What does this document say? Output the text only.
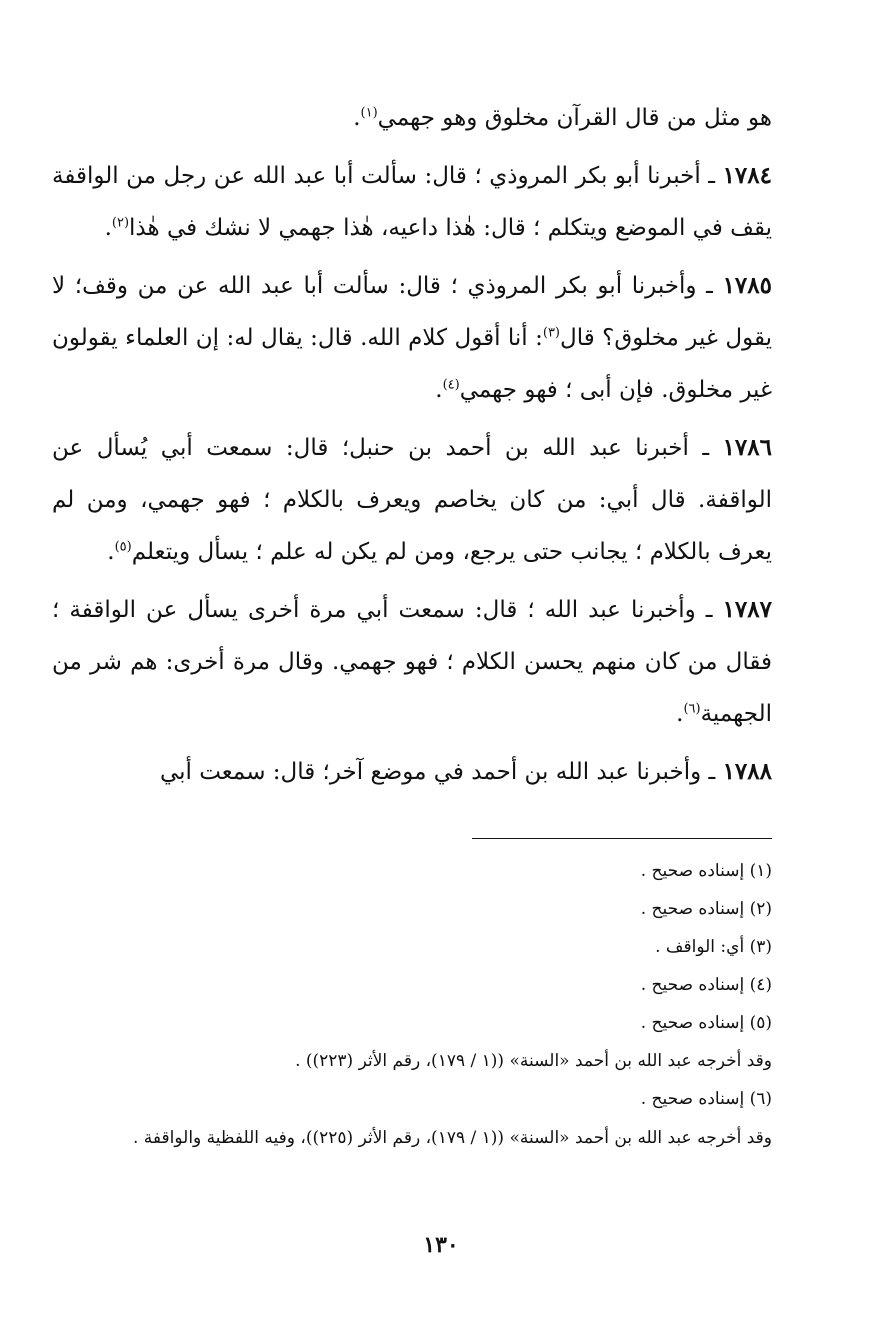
هو مثل من قال القرآن مخلوق وهو جهمي$^{(١)}$.

١٧٨٤ ـ أخبرنا أبو بكر المروذي ؛ قال: سألت أبا عبد الله عن رجل من الواقفة يقف في الموضع ويتكلم ؛ قال: هٰذا داعيه، هٰذا جهمي لا نشك في هٰذا$^{(٢)}$.

١٧٨٥ ـ وأخبرنا أبو بكر المروذي ؛ قال: سألت أبا عبد الله عن من وقف؛ لا يقول غير مخلوق؟ قال$^{(٣)}$: أنا أقول كلام الله. قال: يقال له: إن العلماء يقولون غير مخلوق. فإن أبى ؛ فهو جهمي$^{(٤)}$.

١٧٨٦ ـ أخبرنا عبد الله بن أحمد بن حنبل؛ قال: سمعت أبي يُسأل عن الواقفة. قال أبي: من كان يخاصم ويعرف بالكلام ؛ فهو جهمي، ومن لم يعرف بالكلام ؛ يجانب حتى يرجع، ومن لم يكن له علم ؛ يسأل ويتعلم$^{(٥)}$.

١٧٨٧ ـ وأخبرنا عبد الله ؛ قال: سمعت أبي مرة أخرى يسأل عن الواقفة ؛ فقال من كان منهم يحسن الكلام ؛ فهو جهمي. وقال مرة أخرى: هم شر من الجهمية$^{(٦)}$.

١٧٨٨ ـ وأخبرنا عبد الله بن أحمد في موضع آخر؛ قال: سمعت أبي

(١) إسناده صحيح .
(٢) إسناده صحيح .
(٣) أي: الواقف .
(٤) إسناده صحيح .
(٥) إسناده صحيح .
وقد أخرجه عبد الله بن أحمد «السنة» ((١ / ١٧٩)، رقم الأثر (٢٢٣)) .
(٦) إسناده صحيح .
وقد أخرجه عبد الله بن أحمد «السنة» ((١ / ١٧٩)، رقم الأثر (٢٢٥))، وفيه اللفظية والواقفة .
١٣٠
